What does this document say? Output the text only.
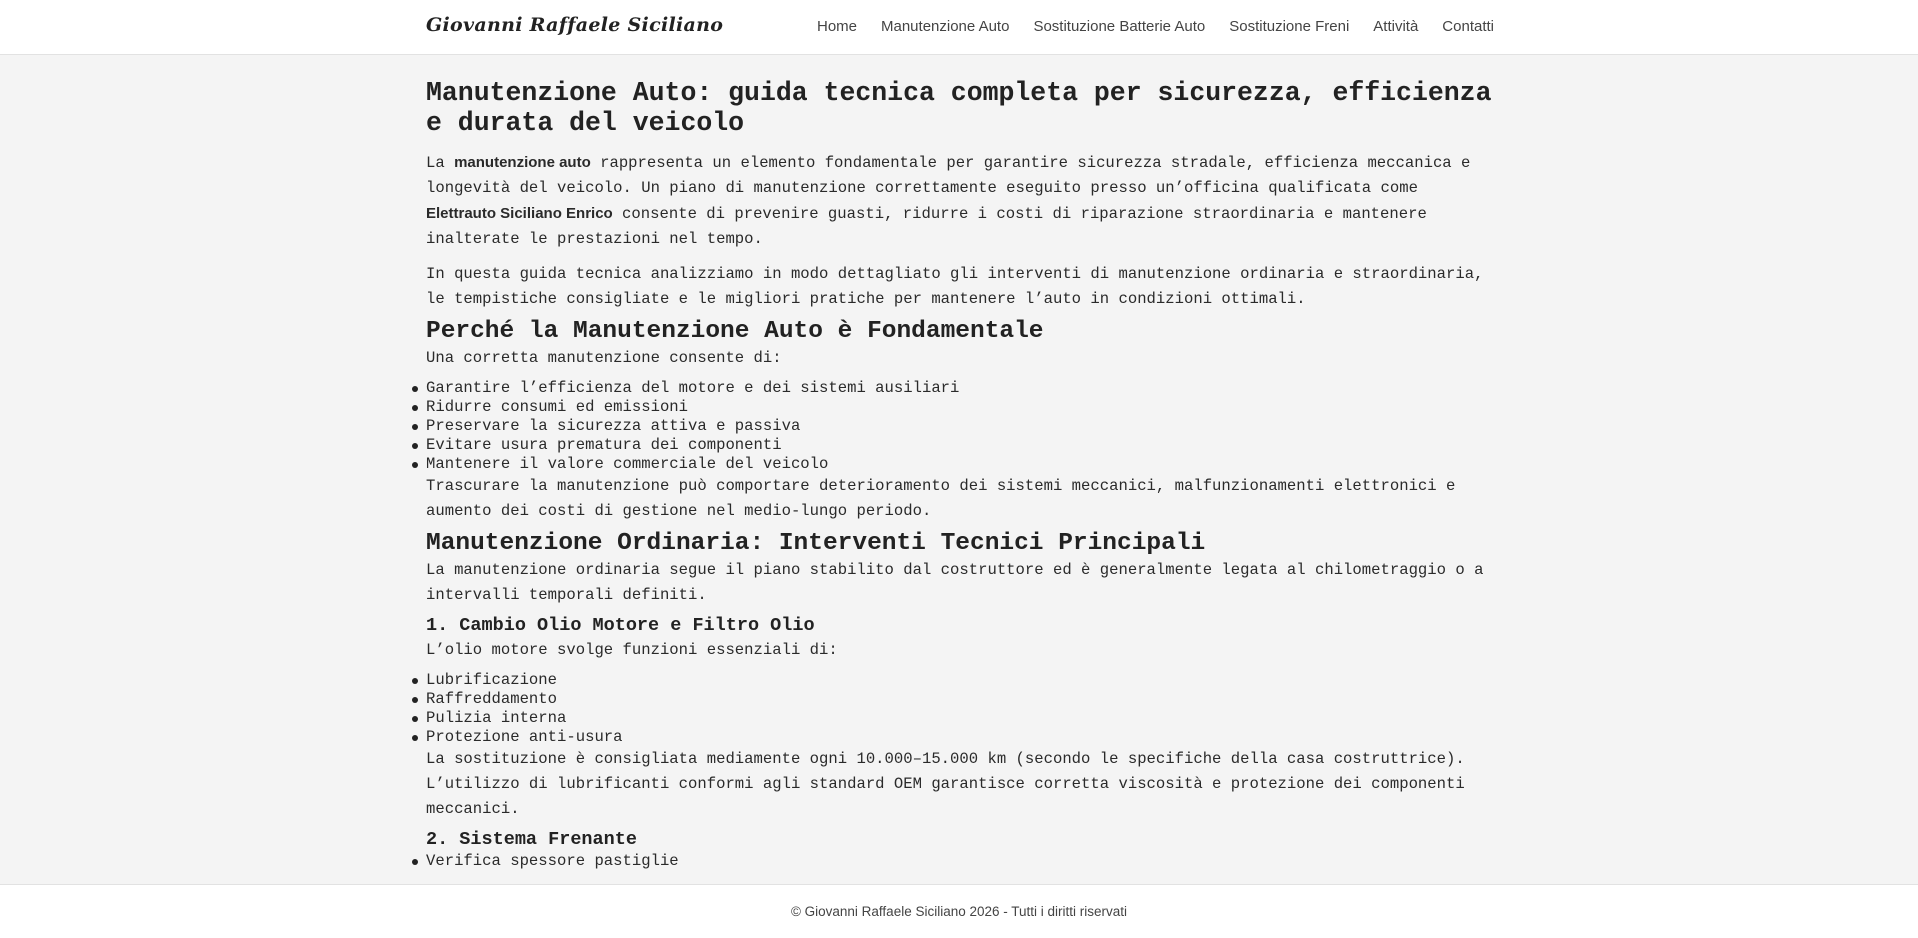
Giovanni Raffaele Siciliano	Home Manutenzione Auto Sostituzione Batterie Auto Sostituzione Freni Attività Contatti
Manutenzione Auto: guida tecnica completa per sicurezza, efficienza e durata del veicolo

La manutenzione auto rappresenta un elemento fondamentale per garantire sicurezza stradale, efficienza meccanica e longevità del veicolo. Un piano di manutenzione correttamente eseguito presso un’officina qualificata come Elettrauto Siciliano Enrico consente di prevenire guasti, ridurre i costi di riparazione straordinaria e mantenere inalterate le prestazioni nel tempo.

In questa guida tecnica analizziamo in modo dettagliato gli interventi di manutenzione ordinaria e straordinaria, le tempistiche consigliate e le migliori pratiche per mantenere l’auto in condizioni ottimali.

Perché la Manutenzione Auto è Fondamentale
Una corretta manutenzione consente di:
Garantire l’efficienza del motore e dei sistemi ausiliari
Ridurre consumi ed emissioni
Preservare la sicurezza attiva e passiva
Evitare usura prematura dei componenti
Mantenere il valore commerciale del veicolo

Trascurare la manutenzione può comportare deterioramento dei sistemi meccanici, malfunzionamenti elettronici e aumento dei costi di gestione nel medio-lungo periodo.

Manutenzione Ordinaria: Interventi Tecnici Principali

La manutenzione ordinaria segue il piano stabilito dal costruttore ed è generalmente legata al chilometraggio o a intervalli temporali definiti.

1. Cambio Olio Motore e Filtro Olio
L’olio motore svolge funzioni essenziali di:
Lubrificazione
Raffreddamento
Pulizia interna
Protezione anti-usura

La sostituzione è consigliata mediamente ogni 10.000–15.000 km (secondo le specifiche della casa costruttrice). L’utilizzo di lubrificanti conformi agli standard OEM garantisce corretta viscosità e protezione dei componenti meccanici.

2. Sistema Frenante
Verifica spessore pastiglie
© Giovanni Raffaele Siciliano 2026 - Tutti i diritti riservati
